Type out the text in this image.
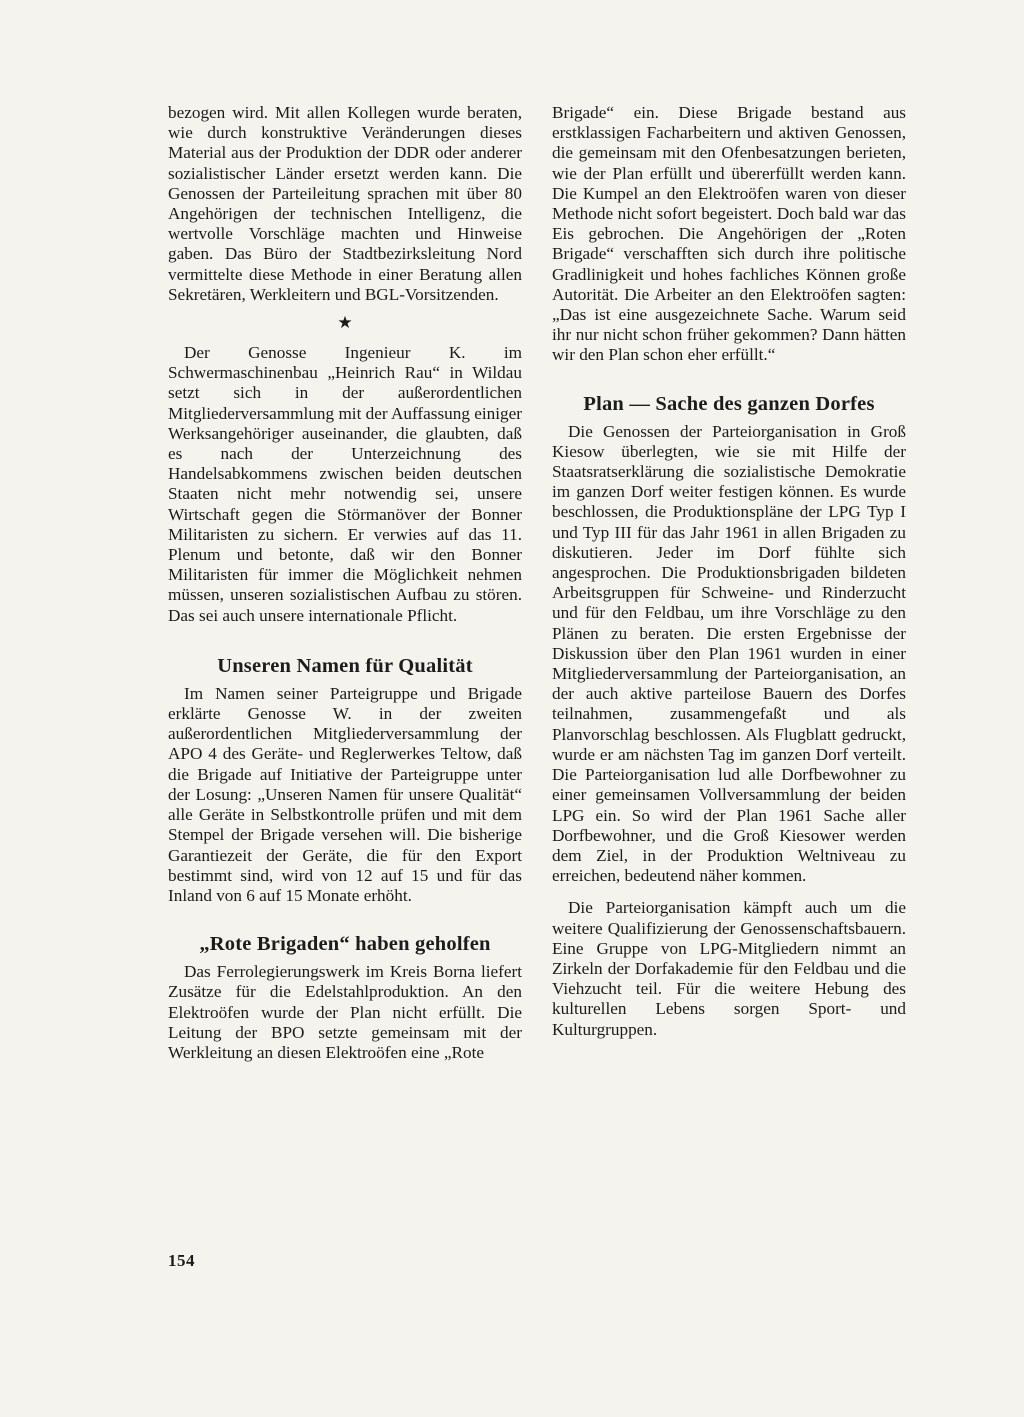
bezogen wird. Mit allen Kollegen wurde beraten, wie durch konstruktive Veränderungen dieses Material aus der Produktion der DDR oder anderer sozialistischer Länder ersetzt werden kann. Die Genossen der Parteileitung sprachen mit über 80 Angehörigen der technischen Intelligenz, die wertvolle Vorschläge machten und Hinweise gaben. Das Büro der Stadtbezirksleitung Nord vermittelte diese Methode in einer Beratung allen Sekretären, Werkleitern und BGL-Vorsitzenden.

★

Der Genosse Ingenieur K. im Schwermaschinenbau „Heinrich Rau“ in Wildau setzt sich in der außerordentlichen Mitgliederversammlung mit der Auffassung einiger Werksangehöriger auseinander, die glaubten, daß es nach der Unterzeichnung des Handelsabkommens zwischen beiden deutschen Staaten nicht mehr notwendig sei, unsere Wirtschaft gegen die Störmanöver der Bonner Militaristen zu sichern. Er verwies auf das 11. Plenum und betonte, daß wir den Bonner Militaristen für immer die Möglichkeit nehmen müssen, unseren sozialistischen Aufbau zu stören. Das sei auch unsere internationale Pflicht.

Unseren Namen für Qualität

Im Namen seiner Parteigruppe und Brigade erklärte Genosse W. in der zweiten außerordentlichen Mitgliederversammlung der APO 4 des Geräte- und Reglerwerkes Teltow, daß die Brigade auf Initiative der Parteigruppe unter der Losung: „Unseren Namen für unsere Qualität“ alle Geräte in Selbstkontrolle prüfen und mit dem Stempel der Brigade versehen will. Die bisherige Garantiezeit der Geräte, die für den Export bestimmt sind, wird von 12 auf 15 und für das Inland von 6 auf 15 Monate erhöht.

„Rote Brigaden“ haben geholfen

Das Ferrolegierungswerk im Kreis Borna liefert Zusätze für die Edelstahlproduktion. An den Elektroöfen wurde der Plan nicht erfüllt. Die Leitung der BPO setzte gemeinsam mit der Werkleitung an diesen Elektroöfen eine „Rote

Brigade“ ein. Diese Brigade bestand aus erstklassigen Facharbeitern und aktiven Genossen, die gemeinsam mit den Ofenbesatzungen berieten, wie der Plan erfüllt und übererfüllt werden kann. Die Kumpel an den Elektroöfen waren von dieser Methode nicht sofort begeistert. Doch bald war das Eis gebrochen. Die Angehörigen der „Roten Brigade“ verschafften sich durch ihre politische Gradlinigkeit und hohes fachliches Können große Autorität. Die Arbeiter an den Elektroöfen sagten: „Das ist eine ausgezeichnete Sache. Warum seid ihr nur nicht schon früher gekommen? Dann hätten wir den Plan schon eher erfüllt.“

Plan — Sache des ganzen Dorfes

Die Genossen der Parteiorganisation in Groß Kiesow überlegten, wie sie mit Hilfe der Staatsratserklärung die sozialistische Demokratie im ganzen Dorf weiter festigen können. Es wurde beschlossen, die Produktionspläne der LPG Typ I und Typ III für das Jahr 1961 in allen Brigaden zu diskutieren. Jeder im Dorf fühlte sich angesprochen. Die Produktionsbrigaden bildeten Arbeitsgruppen für Schweine- und Rinderzucht und für den Feldbau, um ihre Vorschläge zu den Plänen zu beraten. Die ersten Ergebnisse der Diskussion über den Plan 1961 wurden in einer Mitgliederversammlung der Parteiorganisation, an der auch aktive parteilose Bauern des Dorfes teilnahmen, zusammengefaßt und als Planvorschlag beschlossen. Als Flugblatt gedruckt, wurde er am nächsten Tag im ganzen Dorf verteilt. Die Parteiorganisation lud alle Dorfbewohner zu einer gemeinsamen Vollversammlung der beiden LPG ein. So wird der Plan 1961 Sache aller Dorfbewohner, und die Groß Kiesower werden dem Ziel, in der Produktion Weltniveau zu erreichen, bedeutend näher kommen.

Die Parteiorganisation kämpft auch um die weitere Qualifizierung der Genossenschaftsbauern. Eine Gruppe von LPG-Mitgliedern nimmt an Zirkeln der Dorfakademie für den Feldbau und die Viehzucht teil. Für die weitere Hebung des kulturellen Lebens sorgen Sport- und Kulturgruppen.

154
